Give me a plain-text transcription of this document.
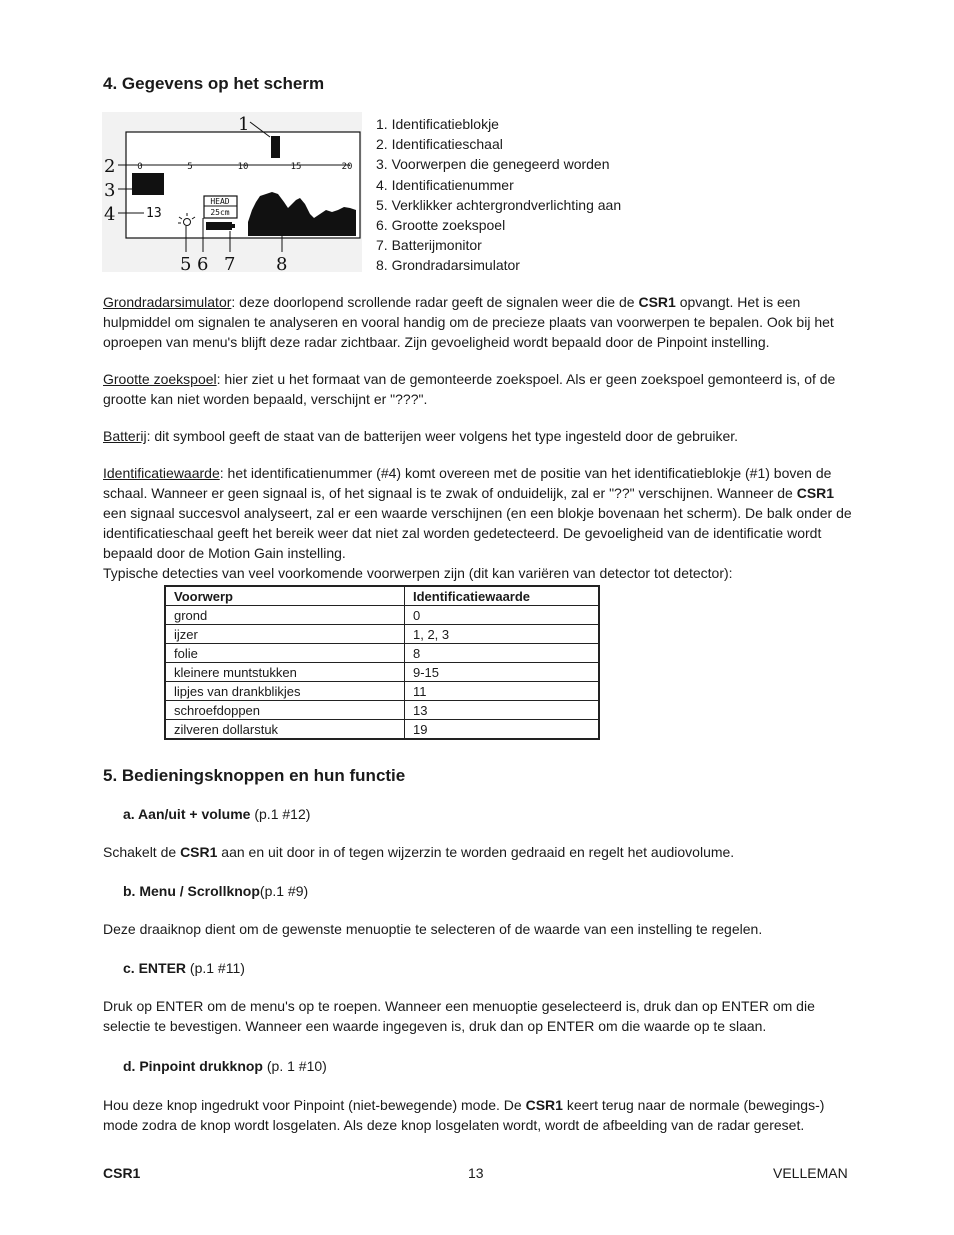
4. Gegevens op het scherm
0	5	10	15	20
13
HEAD
25cm
1
2
3
4
5 6 7 8
1. Identificatieblokje
2. Identificatieschaal
3. Voorwerpen die genegeerd worden
4. Identificatienummer
5. Verklikker achtergrondverlichting aan
6. Grootte zoekspoel
7. Batterijmonitor
8. Grondradarsimulator
Grondradarsimulator: deze doorlopend scrollende radar geeft de signalen weer die de CSR1 opvangt. Het is een hulpmiddel om signalen te analyseren en vooral handig om de precieze plaats van voorwerpen te bepalen. Ook bij het oproepen van menu's blijft deze radar zichtbaar. Zijn gevoeligheid wordt bepaald door de Pinpoint instelling.
Grootte zoekspoel: hier ziet u het formaat van de gemonteerde zoekspoel. Als er geen zoekspoel gemonteerd is, of de grootte kan niet worden bepaald, verschijnt er "???".
Batterij: dit symbool geeft de staat van de batterijen weer volgens het type ingesteld door de gebruiker.
Identificatiewaarde: het identificatienummer (#4) komt overeen met de positie van het identificatieblokje (#1) boven de schaal. Wanneer er geen signaal is, of het signaal is te zwak of onduidelijk, zal er "??" verschijnen. Wanneer de CSR1 een signaal succesvol analyseert, zal er een waarde verschijnen (en een blokje bovenaan het scherm). De balk onder de identificatieschaal geeft het bereik weer dat niet zal worden gedetecteerd. De gevoeligheid van de identificatie wordt bepaald door de Motion Gain instelling.
Typische detecties van veel voorkomende voorwerpen zijn (dit kan variëren van detector tot detector):
Voorwerp	Identificatiewaarde
grond	0
ijzer	1, 2, 3
folie	8
kleinere muntstukken	9-15
lipjes van drankblikjes	11
schroefdoppen	13
zilveren dollarstuk	19
5. Bedieningsknoppen en hun functie
a. Aan/uit + volume (p.1 #12)
Schakelt de CSR1 aan en uit door in of tegen wijzerzin te worden gedraaid en regelt het audiovolume.
b. Menu / Scrollknop(p.1 #9)
Deze draaiknop dient om de gewenste menuoptie te selecteren of de waarde van een instelling te regelen.
c. ENTER (p.1 #11)
Druk op ENTER om de menu's op te roepen. Wanneer een menuoptie geselecteerd is, druk dan op ENTER om die selectie te bevestigen. Wanneer een waarde ingegeven is, druk dan op ENTER om die waarde op te slaan.
d. Pinpoint drukknop (p. 1 #10)
Hou deze knop ingedrukt voor Pinpoint (niet-bewegende) mode. De CSR1 keert terug naar de normale (bewegings-) mode zodra de knop wordt losgelaten. Als deze knop losgelaten wordt, wordt de afbeelding van de radar gereset.
CSR1	13	VELLEMAN
